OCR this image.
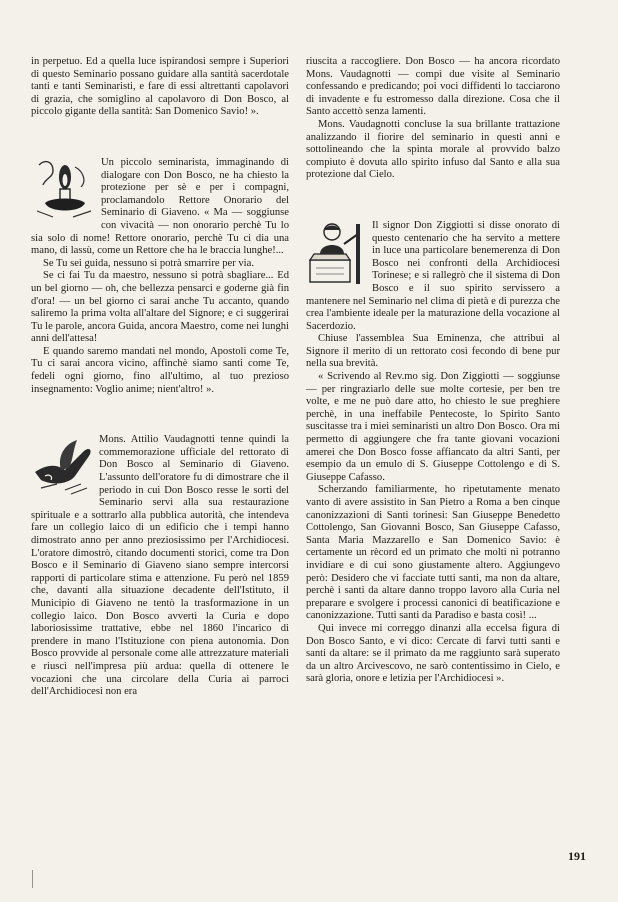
in perpetuo. Ed a quella luce ispirandosi sempre i Superiori di questo Seminario possano guidare alla santità sacerdotale tanti e tanti Seminaristi, e fare di essi altrettanti capolavori di grazia, che somiglino al capolavoro di Don Bosco, al piccolo gigante della santità: San Domenico Savio! ».

Un piccolo seminarista, immaginando di dialogare con Don Bosco, ne ha chiesto la protezione per sè e per i compagni, proclamandolo Rettore Onorario del Seminario di Giaveno. « Ma — soggiunse con vivacità — non onorario perchè Tu lo sia solo di nome! Rettore onorario, perchè Tu ci dia una mano, di lassù, come un Rettore che ha le braccia lunghe!...

Se Tu sei guida, nessuno si potrà smarrire per via.

Se ci fai Tu da maestro, nessuno si potrà sbagliare... Ed un bel giorno — oh, che bellezza pensarci e goderne già fin d'ora! — un bel giorno ci sarai anche Tu accanto, quando saliremo la prima volta all'altare del Signore; e ci suggerirai Tu le parole, ancora Guida, ancora Maestro, come nei lunghi anni dell'attesa!

E quando saremo mandati nel mondo, Apostoli come Te, Tu ci sarai ancora vicino, affinchè siamo santi come Te, fedeli ogni giorno, fino all'ultimo, al tuo prezioso insegnamento: Voglio anime; nient'altro! ».

Mons. Attilio Vaudagnotti tenne quindi la commemorazione ufficiale del rettorato di Don Bosco al Seminario di Giaveno. L'assunto dell'oratore fu di dimostrare che il periodo in cui Don Bosco resse le sorti del Seminario servì alla sua restaurazione spirituale e a sottrarlo alla pubblica autorità, che intendeva fare un collegio laico di un edificio che i tempi hanno dimostrato anno per anno preziosissimo per l'Archidiocesi. L'oratore dimostrò, citando documenti storici, come tra Don Bosco e il Seminario di Giaveno siano sempre intercorsi rapporti di particolare stima e attenzione. Fu però nel 1859 che, davanti alla situazione decadente dell'Istituto, il Municipio di Giaveno ne tentò la trasformazione in un collegio laico. Don Bosco avvertì la Curia e dopo laboriosissime trattative, ebbe nel 1860 l'incarico di prendere in mano l'Istituzione con piena autonomia. Don Bosco provvide al personale come alle attrezzature materiali e riuscì nell'impresa più ardua: quella di ottenere le vocazioni che una circolare della Curia ai parroci dell'Archidiocesi non era

riuscita a raccogliere. Don Bosco — ha ancora ricordato Mons. Vaudagnotti — compì due visite al Seminario confessando e predicando; poi voci diffidenti lo tacciarono di invadente e fu estromesso dalla direzione. Cosa che il Santo accettò senza lamenti.

Mons. Vaudagnotti concluse la sua brillante trattazione analizzando il fiorire del seminario in questi anni e sottolineando che la spinta morale al provvido balzo compiuto è dovuta allo spirito infuso dal Santo e alla sua protezione dal Cielo.

Il signor Don Ziggiotti si disse onorato di questo centenario che ha servito a mettere in luce una particolare benemerenza di Don Bosco nei confronti della Archidiocesi Torinese; e si rallegrò che il sistema di Don Bosco e il suo spirito servissero a mantenere nel Seminario nel clima di pietà e di purezza che crea l'ambiente ideale per la maturazione della vocazione al Sacerdozio.

Chiuse l'assemblea Sua Eminenza, che attribuì al Signore il merito di un rettorato così fecondo di bene pur nella sua brevità.

« Scrivendo al Rev.mo sig. Don Ziggiotti — soggiunse — per ringraziarlo delle sue molte cortesie, per ben tre volte, e me ne può dare atto, ho chiesto le sue preghiere perchè, in una ineffabile Pentecoste, lo Spirito Santo suscitasse tra i miei seminaristi un altro Don Bosco. Ora mi permetto di aggiungere che fra tante giovani vocazioni amerei che Don Bosco fosse affiancato da altri Santi, per esempio da un emulo di S. Giuseppe Cottolengo e di S. Giuseppe Cafasso.

Scherzando familiarmente, ho ripetutamente menato vanto di avere assistito in San Pietro a Roma a ben cinque canonizzazioni di Santi torinesi: San Giuseppe Benedetto Cottolengo, San Giovanni Bosco, San Giuseppe Cafasso, Santa Maria Mazzarello e San Domenico Savio: è certamente un rècord ed un primato che molti ni potranno invidiare e di cui sono giustamente altero. Aggiungevo però: Desidero che vi facciate tutti santi, ma non da altare, perchè i santi da altare danno troppo lavoro alla Curia nel preparare e svolgere i processi canonici di beatificazione e canonizzazione. Tutti santi da Paradiso e basta così! ...

Qui invece mi correggo dinanzi alla eccelsa figura di Don Bosco Santo, e vi dico: Cercate di farvi tutti santi e santi da altare: se il primato da me raggiunto sarà superato da un altro Arcivescovo, ne sarò contentissimo in Cielo, e sarà gloria, onore e letizia per l'Archidiocesi ».

191
